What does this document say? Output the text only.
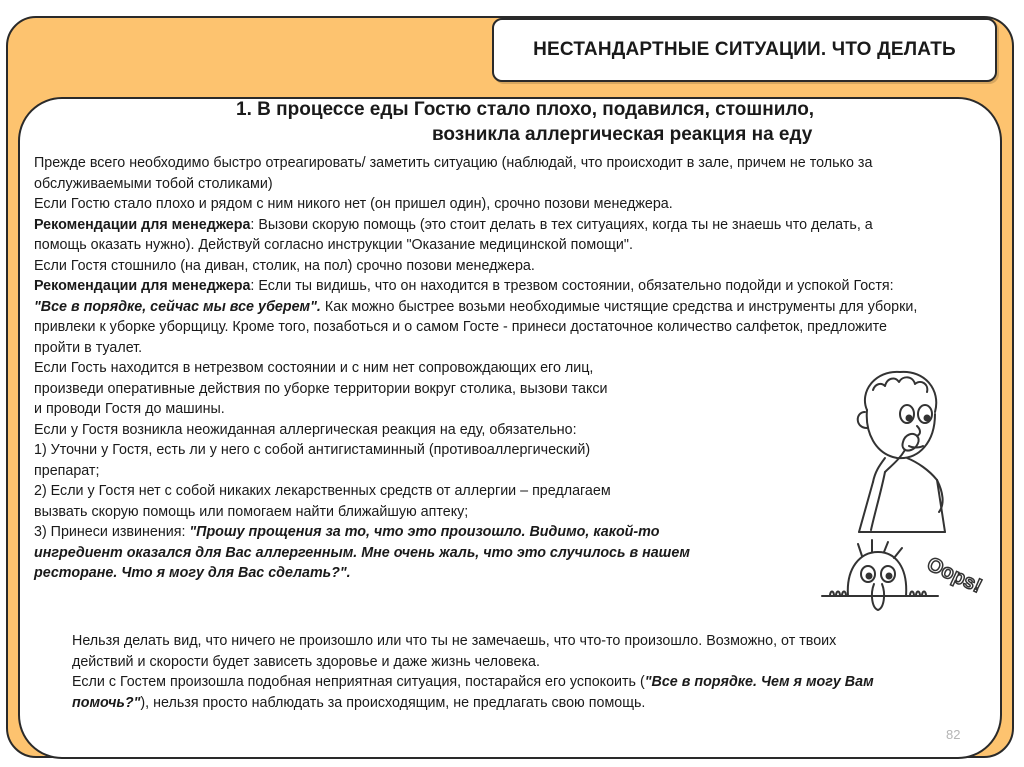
НЕСТАНДАРТНЫЕ СИТУАЦИИ. ЧТО ДЕЛАТЬ
1. В процессе еды Гостю стало плохо, подавился, стошнило,
возникла аллергическая реакция на еду

Прежде всего необходимо быстро отреагировать/ заметить ситуацию (наблюдай, что происходит в зале, причем не только за

обслуживаемыми тобой столиками)

Если Гостю стало плохо и рядом с ним никого нет (он пришел один), срочно позови менеджера.

Рекомендации для менеджера: Вызови скорую помощь (это стоит делать в тех ситуациях, когда ты не знаешь что делать, а

помощь оказать нужно). Действуй согласно инструкции "Оказание медицинской помощи".

Если Гостя стошнило (на диван, столик, на пол) срочно позови менеджера.

Рекомендации для менеджера: Если ты видишь, что он находится в трезвом состоянии, обязательно подойди и успокой Гостя:

"Все в порядке, сейчас мы все уберем". Как можно быстрее возьми необходимые чистящие средства и инструменты для уборки,

привлеки к уборке уборщицу. Кроме того, позаботься и о самом Госте - принеси достаточное количество салфеток, предложите

пройти в туалет.

Если Гость находится в нетрезвом состоянии и с ним нет сопровождающих его лиц,

произведи оперативные действия по уборке территории вокруг столика, вызови такси

и проводи Гостя до машины.

Если у Гостя возникла неожиданная аллергическая реакция на еду, обязательно:

1) Уточни у Гостя, есть ли у него с собой антигистаминный (противоаллергический)

препарат;

2) Если у Гостя нет с собой никаких лекарственных средств от аллергии – предлагаем

вызвать скорую помощь или помогаем найти ближайшую аптеку;

3) Принеси извинения: "Прошу прощения за то, что это произошло. Видимо, какой-то

ингредиент оказался для Вас аллергенным. Мне очень жаль, что это случилось в нашем

ресторане. Что я могу для Вас сделать?".	Oops!

Нельзя делать вид, что ничего не произошло или что ты не замечаешь, что что-то произошло. Возможно, от твоих

действий и скорости будет зависеть здоровье и даже жизнь человека.

Если с Гостем произошла подобная неприятная ситуация, постарайся его успокоить ("Все в порядке. Чем я могу Вам

помочь?"), нельзя просто наблюдать за происходящим, не предлагать свою помощь.

82
